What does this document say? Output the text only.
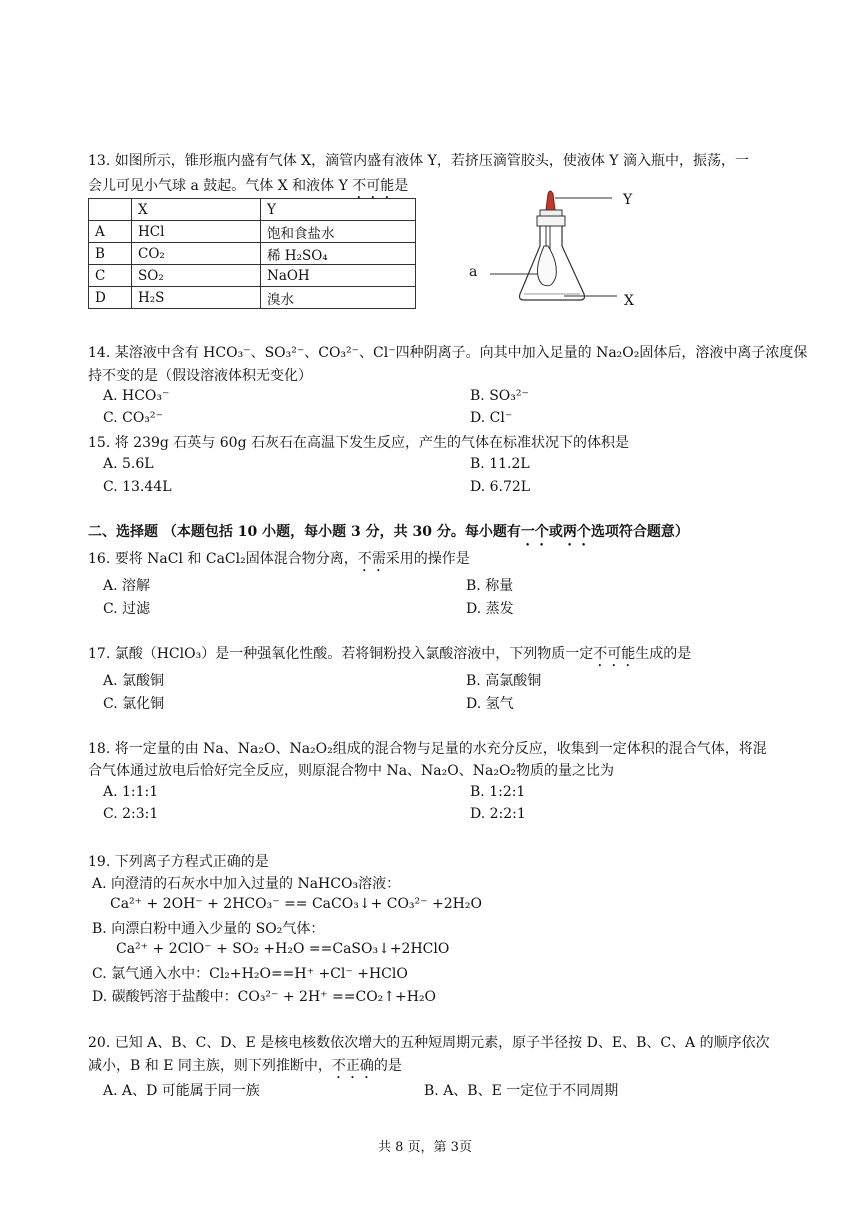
13. 如图所示，锥形瓶内盛有气体 X，滴管内盛有液体 Y，若挤压滴管胶头，使液体 Y 滴入瓶中，振荡，一
会儿可见小气球 a 鼓起。气体 X 和液体 Y 不可能是
	X	Y
A	HCl	饱和食盐水
B	CO₂	稀 H₂SO₄
C	SO₂	NaOH
D	H₂S	溴水
Y
a
X
14. 某溶液中含有 HCO₃⁻、SO₃²⁻、CO₃²⁻、Cl⁻四种阴离子。向其中加入足量的 Na₂O₂固体后，溶液中离子浓度保
持不变的是（假设溶液体积无变化）
A. HCO₃⁻	B. SO₃²⁻
C. CO₃²⁻	D. Cl⁻
15. 将 239g 石英与 60g 石灰石在高温下发生反应，产生的气体在标准状况下的体积是
A. 5.6L	B. 11.2L
C. 13.44L	D. 6.72L
二、选择题 （本题包括 10 小题，每小题 3 分，共 30 分。每小题有一个或两个选项符合题意）
16. 要将 NaCl 和 CaCl₂固体混合物分离，不需采用的操作是
A. 溶解	B. 称量
C. 过滤	D. 蒸发
17. 氯酸（HClO₃）是一种强氧化性酸。若将铜粉投入氯酸溶液中，下列物质一定不可能生成的是
A. 氯酸铜	B. 高氯酸铜
C. 氯化铜	D. 氢气
18. 将一定量的由 Na、Na₂O、Na₂O₂组成的混合物与足量的水充分反应，收集到一定体积的混合气体，将混
合气体通过放电后恰好完全反应，则原混合物中 Na、Na₂O、Na₂O₂物质的量之比为
A. 1:1:1	B. 1:2:1
C. 2:3:1	D. 2:2:1
19. 下列离子方程式正确的是
A. 向澄清的石灰水中加入过量的 NaHCO₃溶液：
Ca²⁺ + 2OH⁻ + 2HCO₃⁻ == CaCO₃↓+ CO₃²⁻ +2H₂O
B. 向漂白粉中通入少量的 SO₂气体：
Ca²⁺ + 2ClO⁻ + SO₂ +H₂O ==CaSO₃↓+2HClO
C. 氯气通入水中：Cl₂+H₂O==H⁺ +Cl⁻ +HClO
D. 碳酸钙溶于盐酸中：CO₃²⁻ + 2H⁺ ==CO₂↑+H₂O
20. 已知 A、B、C、D、E 是核电核数依次增大的五种短周期元素，原子半径按 D、E、B、C、A 的顺序依次
减小，B 和 E 同主族，则下列推断中，不正确的是
A. A、D 可能属于同一族	B. A、B、E 一定位于不同周期
共 8 页，第 3页
